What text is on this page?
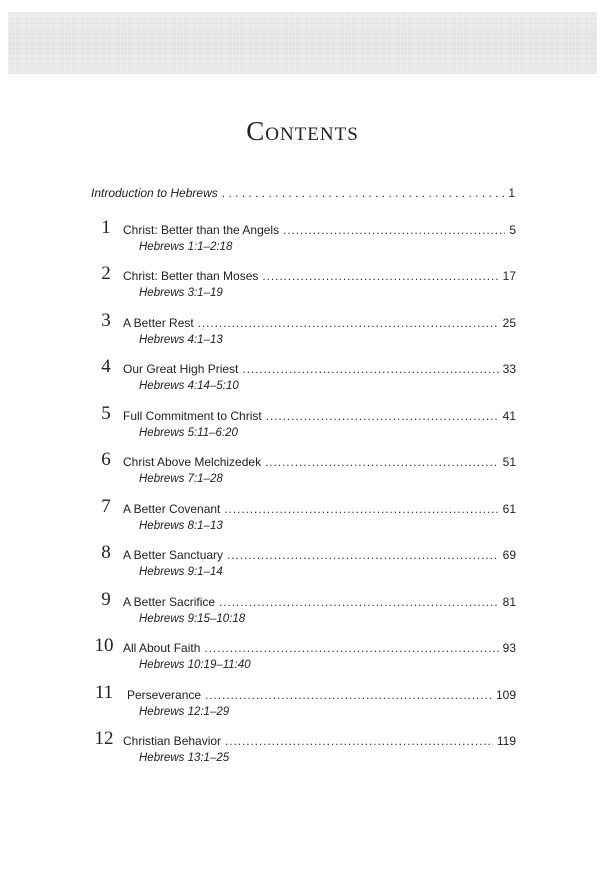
Contents
Introduction to Hebrews . . .	1
1	Christ: Better than the Angels .....	5
Hebrews 1:1–2:18
2	Christ: Better than Moses .....	17
Hebrews 3:1–19
3	A Better Rest .....	25
Hebrews 4:1–13
4	Our Great High Priest .....	33
Hebrews 4:14–5:10
5	Full Commitment to Christ .....	41
Hebrews 5:11–6:20
6	Christ Above Melchizedek .....	51
Hebrews 7:1–28
7	A Better Covenant .....	61
Hebrews 8:1–13
8	A Better Sanctuary .....	69
Hebrews 9:1–14
9	A Better Sacrifice .....	81
Hebrews 9:15–10:18
10 All About Faith .....	93
Hebrews 10:19–11:40
11	Perseverance .....	109
Hebrews 12:1–29
12 Christian Behavior .....	119
Hebrews 13:1–25
